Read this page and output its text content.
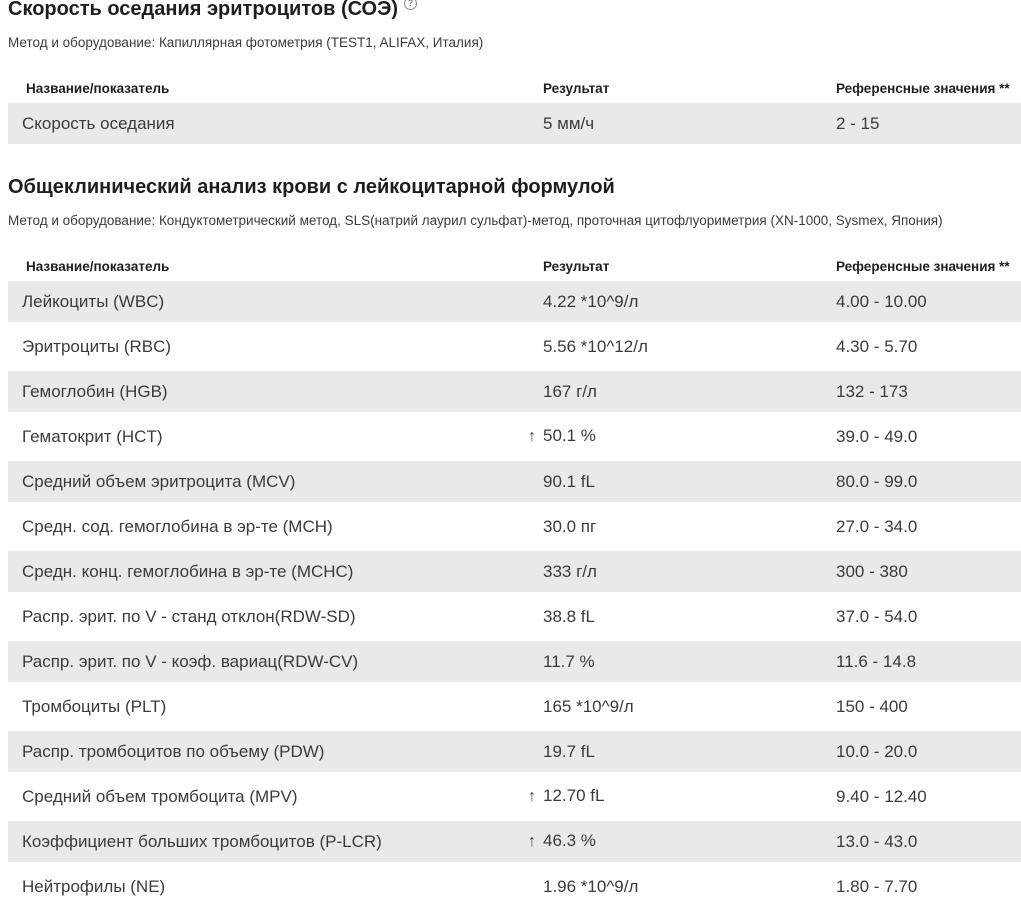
Скорость оседания эритроцитов (СОЭ) ?

Метод и оборудование: Капиллярная фотометрия (TEST1, ALIFAX, Италия)

Название/показатель	Результат	Референсные значения **
Скорость оседания	5 мм/ч	2 - 15
Общеклинический анализ крови с лейкоцитарной формулой

Метод и оборудование: Кондуктометрический метод, SLS(натрий лаурил сульфат)-метод, проточная цитофлуориметрия (XN-1000, Sysmex, Япония)

Название/показатель	Результат	Референсные значения **
Лейкоциты (WBC)	4.22 *10^9/л	4.00 - 10.00
Эритроциты (RBC)	5.56 *10^12/л	4.30 - 5.70
Гемоглобин (HGB)	167 г/л	132 - 173
Гематокрит (HCT)	↑ 50.1 %	39.0 - 49.0
Средний объем эритроцита (MCV)	90.1 fL	80.0 - 99.0
Средн. сод. гемоглобина в эр-те (MCH)	30.0 пг	27.0 - 34.0
Средн. конц. гемоглобина в эр-те (MCHC)	333 г/л	300 - 380
Распр. эрит. по V - станд отклон(RDW-SD)	38.8 fL	37.0 - 54.0
Распр. эрит. по V - коэф. вариац(RDW-CV)	11.7 %	11.6 - 14.8
Тромбоциты (PLT)	165 *10^9/л	150 - 400
Распр. тромбоцитов по объему (PDW)	19.7 fL	10.0 - 20.0
Средний объем тромбоцита (MPV)	↑ 12.70 fL	9.40 - 12.40
Коэффициент больших тромбоцитов (P-LCR)	↑ 46.3 %	13.0 - 43.0
Нейтрофилы (NE)	1.96 *10^9/л	1.80 - 7.70
